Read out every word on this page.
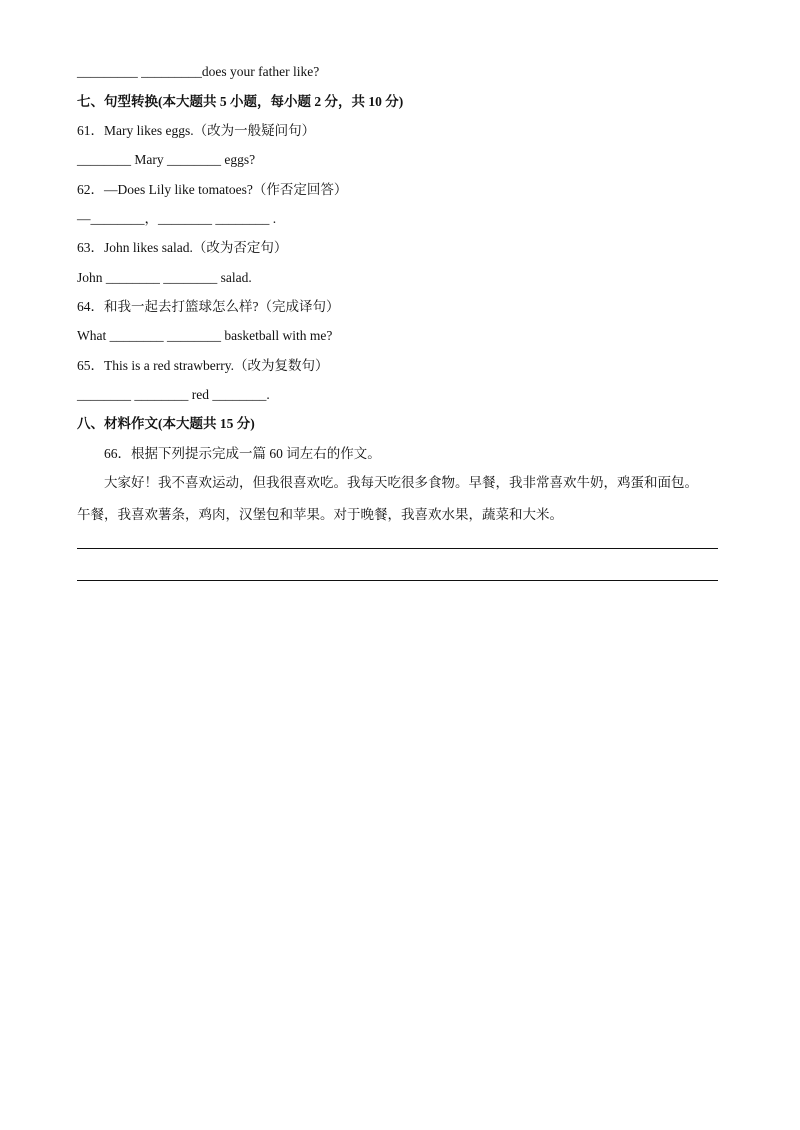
_________ _________does your father like?
七、句型转换(本大题共 5 小题，每小题 2 分，共 10 分)
61．Mary likes eggs.（改为一般疑问句）
________ Mary ________ eggs?
62．—Does Lily like tomatoes?（作否定回答）
—________，________ ________ .
63．John likes salad.（改为否定句）
John ________ ________ salad.
64．和我一起去打篮球怎么样?（完成译句）
What ________ ________ basketball with me?
65．This is a red strawberry.（改为复数句）
________ ________ red ________.
八、材料作文(本大题共 15 分)
66．根据下列提示完成一篇 60 词左右的作文。
大家好！我不喜欢运动，但我很喜欢吃。我每天吃很多食物。早餐，我非常喜欢牛奶，鸡蛋和面包。
午餐，我喜欢薯条，鸡肉，汉堡包和苹果。对于晚餐，我喜欢水果，蔬菜和大米。
